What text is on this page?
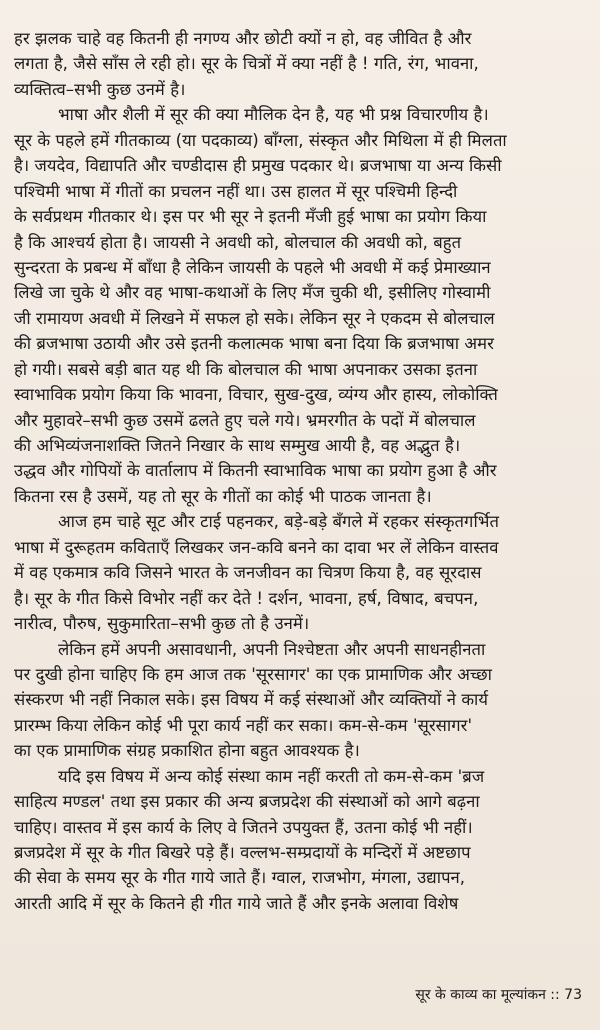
हर झलक चाहे वह कितनी ही नगण्य और छोटी क्यों न हो, वह जीवित है और
लगता है, जैसे साँस ले रही हो। सूर के चित्रों में क्या नहीं है ! गति, रंग, भावना,
व्यक्तित्व–सभी कुछ उनमें है।
भाषा और शैली में सूर की क्या मौलिक देन है, यह भी प्रश्न विचारणीय है।
सूर के पहले हमें गीतकाव्य (या पदकाव्य) बाँग्ला, संस्कृत और मिथिला में ही मिलता
है। जयदेव, विद्यापति और चण्डीदास ही प्रमुख पदकार थे। ब्रजभाषा या अन्य किसी
पश्चिमी भाषा में गीतों का प्रचलन नहीं था। उस हालत में सूर पश्चिमी हिन्दी
के सर्वप्रथम गीतकार थे। इस पर भी सूर ने इतनी मँजी हुई भाषा का प्रयोग किया
है कि आश्चर्य होता है। जायसी ने अवधी को, बोलचाल की अवधी को, बहुत
सुन्दरता के प्रबन्ध में बाँधा है लेकिन जायसी के पहले भी अवधी में कई प्रेमाख्यान
लिखे जा चुके थे और वह भाषा-कथाओं के लिए मँज चुकी थी, इसीलिए गोस्वामी
जी रामायण अवधी में लिखने में सफल हो सके। लेकिन सूर ने एकदम से बोलचाल
की ब्रजभाषा उठायी और उसे इतनी कलात्मक भाषा बना दिया कि ब्रजभाषा अमर
हो गयी। सबसे बड़ी बात यह थी कि बोलचाल की भाषा अपनाकर उसका इतना
स्वाभाविक प्रयोग किया कि भावना, विचार, सुख-दुख, व्यंग्य और हास्य, लोकोक्ति
और मुहावरे–सभी कुछ उसमें ढलते हुए चले गये। भ्रमरगीत के पदों में बोलचाल
की अभिव्यंजनाशक्ति जितने निखार के साथ सम्मुख आयी है, वह अद्भुत है।
उद्धव और गोपियों के वार्तालाप में कितनी स्वाभाविक भाषा का प्रयोग हुआ है और
कितना रस है उसमें, यह तो सूर के गीतों का कोई भी पाठक जानता है।
आज हम चाहे सूट और टाई पहनकर, बड़े-बड़े बँगले में रहकर संस्कृतगर्भित
भाषा में दुरूहतम कविताएँ लिखकर जन-कवि बनने का दावा भर लें लेकिन वास्तव
में वह एकमात्र कवि जिसने भारत के जनजीवन का चित्रण किया है, वह सूरदास
है। सूर के गीत किसे विभोर नहीं कर देते ! दर्शन, भावना, हर्ष, विषाद, बचपन,
नारीत्व, पौरुष, सुकुमारिता–सभी कुछ तो है उनमें।
लेकिन हमें अपनी असावधानी, अपनी निश्चेष्टता और अपनी साधनहीनता
पर दुखी होना चाहिए कि हम आज तक 'सूरसागर' का एक प्रामाणिक और अच्छा
संस्करण भी नहीं निकाल सके। इस विषय में कई संस्थाओं और व्यक्तियों ने कार्य
प्रारम्भ किया लेकिन कोई भी पूरा कार्य नहीं कर सका। कम-से-कम 'सूरसागर'
का एक प्रामाणिक संग्रह प्रकाशित होना बहुत आवश्यक है।
यदि इस विषय में अन्य कोई संस्था काम नहीं करती तो कम-से-कम 'ब्रज
साहित्य मण्डल' तथा इस प्रकार की अन्य ब्रजप्रदेश की संस्थाओं को आगे बढ़ना
चाहिए। वास्तव में इस कार्य के लिए वे जितने उपयुक्त हैं, उतना कोई भी नहीं।
ब्रजप्रदेश में सूर के गीत बिखरे पड़े हैं। वल्लभ-सम्प्रदायों के मन्दिरों में अष्टछाप
की सेवा के समय सूर के गीत गाये जाते हैं। ग्वाल, राजभोग, मंगला, उद्यापन,
आरती आदि में सूर के कितने ही गीत गाये जाते हैं और इनके अलावा विशेष
सूर के काव्य का मूल्यांकन :: 73
